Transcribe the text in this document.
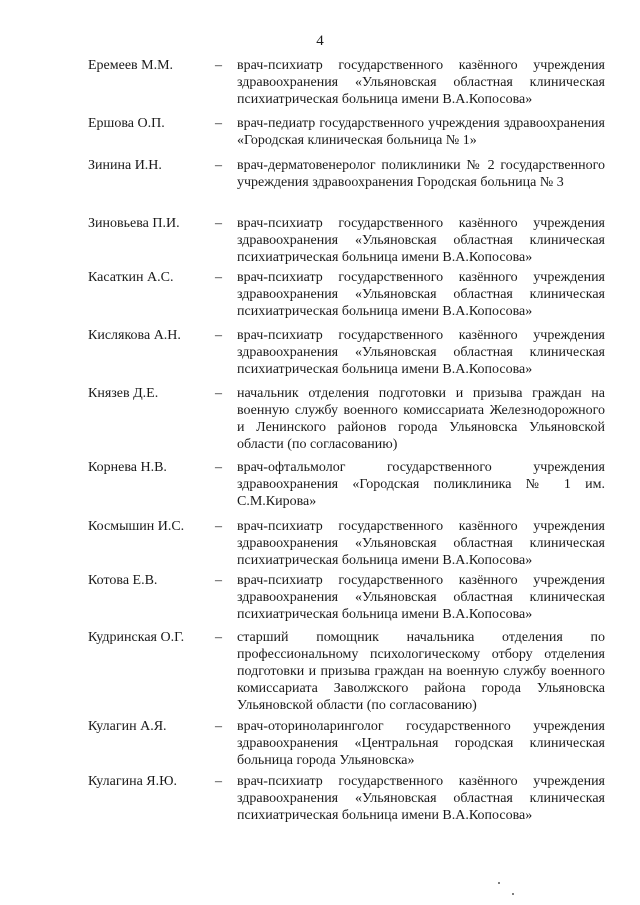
4
Еремеев М.М.	– врач-психиатр государственного казённого учреждения здравоохранения «Ульяновская областная клиническая психиатрическая больница имени В.А.Копосова»
Ершова О.П.	– врач-педиатр государственного учреждения здравоохранения «Городская клиническая больница № 1»
Зинина И.Н.	– врач-дерматовенеролог поликлиники № 2 государственного учреждения здравоохранения Городская больница № 3
Зиновьева П.И.	– врач-психиатр государственного казённого учреждения здравоохранения «Ульяновская областная клиническая психиатрическая больница имени В.А.Копосова»
Касаткин А.С.	– врач-психиатр государственного казённого учреждения здравоохранения «Ульяновская областная клиническая психиатрическая больница имени В.А.Копосова»
Кислякова А.Н. – врач-психиатр государственного казённого учреждения здравоохранения «Ульяновская областная клиническая психиатрическая больница имени В.А.Копосова»
Князев Д.Е.	– начальник отделения подготовки и призыва граждан на военную службу военного комиссариата Железнодорожного и Ленинского районов города Ульяновска Ульяновской области (по согласованию)
Корнева Н.В.	– врач-офтальмолог государственного учреждения здравоохранения «Городская поликлиника № 1 им. С.М.Кирова»
Космышин И.С. – врач-психиатр государственного казённого учреждения здравоохранения «Ульяновская областная клиническая психиатрическая больница имени В.А.Копосова»
Котова Е.В.	– врач-психиатр государственного казённого учреждения здравоохранения «Ульяновская областная клиническая психиатрическая больница имени В.А.Копосова»
Кудринская О.Г. – старший помощник начальника отделения по профессиональному психологическому отбору отделения подготовки и призыва граждан на военную службу военного комиссариата Заволжского района города Ульяновска Ульяновской области (по согласованию)
Кулагин А.Я.	– врач-оториноларинголог государственного учреждения здравоохранения «Центральная городская клиническая больница города Ульяновска»
Кулагина Я.Ю.	– врач-психиатр государственного казённого учреждения здравоохранения «Ульяновская областная клиническая психиатрическая больница имени В.А.Копосова»
